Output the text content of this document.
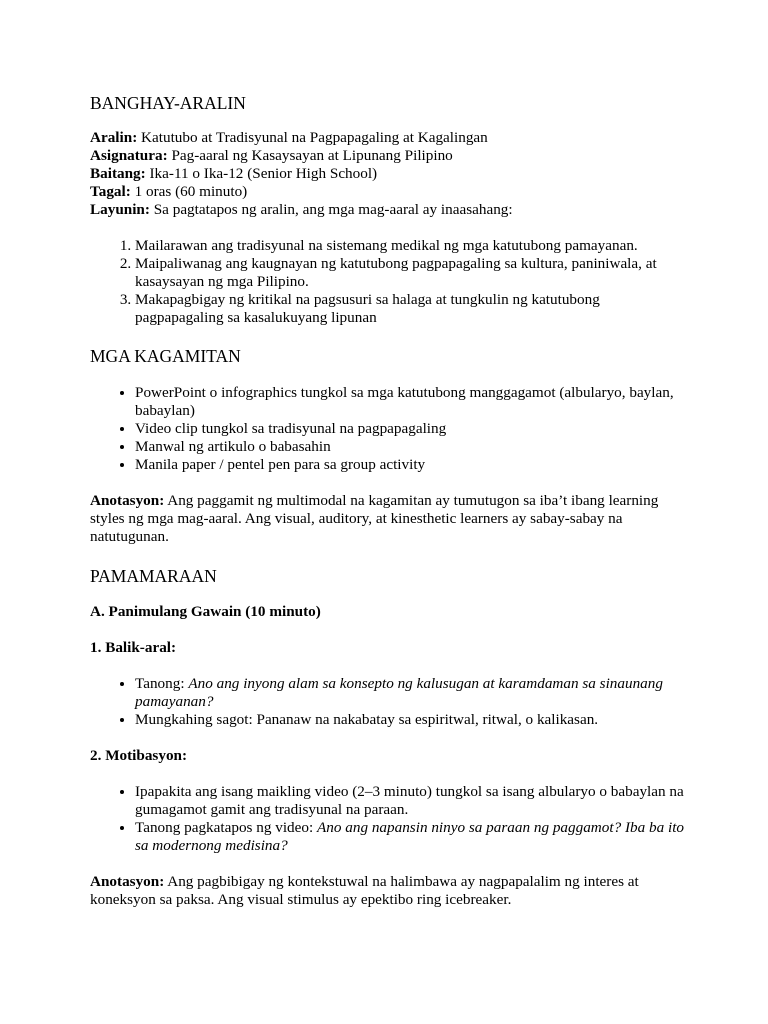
BANGHAY-ARALIN

Aralin: Katutubo at Tradisyunal na Pagpapagaling at Kagalingan

Asignatura: Pag-aaral ng Kasaysayan at Lipunang Pilipino

Baitang: Ika-11 o Ika-12 (Senior High School)

Tagal: 1 oras (60 minuto)

Layunin: Sa pagtatapos ng aralin, ang mga mag-aaral ay inaasahang:

1. Mailarawan ang tradisyunal na sistemang medikal ng mga katutubong pamayanan.
2. Maipaliwanag ang kaugnayan ng katutubong pagpapagaling sa kultura, paniniwala, at kasaysayan ng mga Pilipino.
3. Makapagbigay ng kritikal na pagsusuri sa halaga at tungkulin ng katutubong pagpapagaling sa kasalukuyang lipunan
MGA KAGAMITAN
• PowerPoint o infographics tungkol sa mga katutubong manggagamot (albularyo, baylan, babaylan)
• Video clip tungkol sa tradisyunal na pagpapagaling
• Manwal ng artikulo o babasahin
• Manila paper / pentel pen para sa group activity

Anotasyon: Ang paggamit ng multimodal na kagamitan ay tumutugon sa iba’t ibang learning styles ng mga mag-aaral. Ang visual, auditory, at kinesthetic learners ay sabay-sabay na natutugunan.

PAMAMARAAN

A. Panimulang Gawain (10 minuto)

1. Balik-aral:

• Tanong: Ano ang inyong alam sa konsepto ng kalusugan at karamdaman sa sinaunang pamayanan?
• Mungkahing sagot: Pananaw na nakabatay sa espiritwal, ritwal, o kalikasan.

2. Motibasyon:

• Ipapakita ang isang maikling video (2–3 minuto) tungkol sa isang albularyo o babaylan na gumagamot gamit ang tradisyunal na paraan.
• Tanong pagkatapos ng video: Ano ang napansin ninyo sa paraan ng paggamot? Iba ba ito sa modernong medisina?

Anotasyon: Ang pagbibigay ng kontekstuwal na halimbawa ay nagpapalalim ng interes at koneksyon sa paksa. Ang visual stimulus ay epektibo ring icebreaker.
